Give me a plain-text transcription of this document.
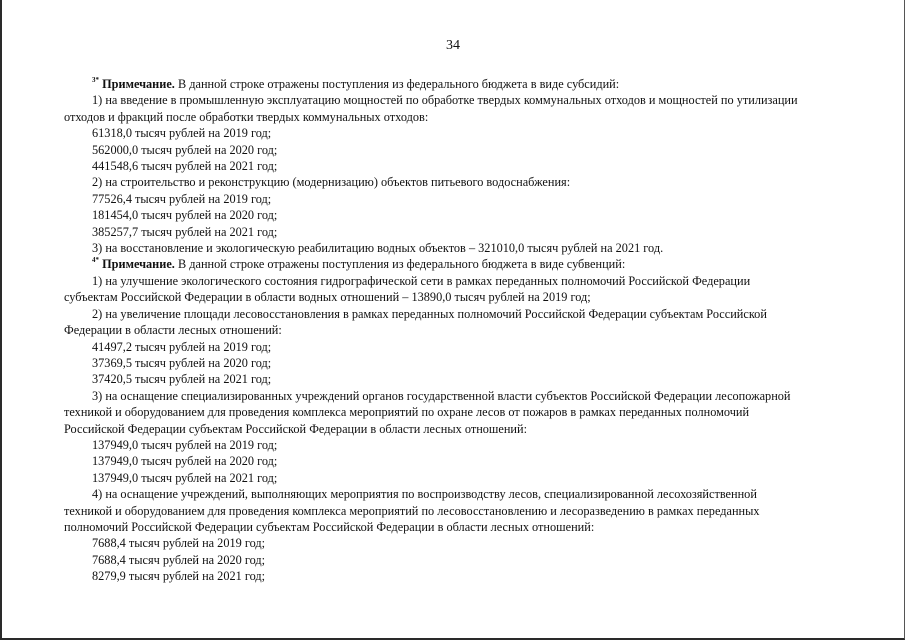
34
$^{3*}$ Примечание. В данной строке отражены поступления из федерального бюджета в виде субсидий:
1) на введение в промышленную эксплуатацию мощностей по обработке твердых коммунальных отходов и мощностей по утилизации
отходов и фракций после обработки твердых коммунальных отходов:
61318,0 тысяч рублей на 2019 год;
562000,0 тысяч рублей на 2020 год;
441548,6 тысяч рублей на 2021 год;
2) на строительство и реконструкцию (модернизацию) объектов питьевого водоснабжения:
77526,4 тысяч рублей на 2019 год;
181454,0 тысяч рублей на 2020 год;
385257,7 тысяч рублей на 2021 год;
3) на восстановление и экологическую реабилитацию водных объектов – 321010,0 тысяч рублей на 2021 год.
$^{4*}$ Примечание. В данной строке отражены поступления из федерального бюджета в виде субвенций:
1) на улучшение экологического состояния гидрографической сети в рамках переданных полномочий Российской Федерации
субъектам Российской Федерации в области водных отношений – 13890,0 тысяч рублей на 2019 год;
2) на увеличение площади лесовосстановления в рамках переданных полномочий Российской Федерации субъектам Российской
Федерации в области лесных отношений:
41497,2 тысяч рублей на 2019 год;
37369,5 тысяч рублей на 2020 год;
37420,5 тысяч рублей на 2021 год;
3) на оснащение специализированных учреждений органов государственной власти субъектов Российской Федерации лесопожарной
техникой и оборудованием для проведения комплекса мероприятий по охране лесов от пожаров в рамках переданных полномочий
Российской Федерации субъектам Российской Федерации в области лесных отношений:
137949,0 тысяч рублей на 2019 год;
137949,0 тысяч рублей на 2020 год;
137949,0 тысяч рублей на 2021 год;
4) на оснащение учреждений, выполняющих мероприятия по воспроизводству лесов, специализированной лесохозяйственной
техникой и оборудованием для проведения комплекса мероприятий по лесовосстановлению и лесоразведению в рамках переданных
полномочий Российской Федерации субъектам Российской Федерации в области лесных отношений:
7688,4 тысяч рублей на 2019 год;
7688,4 тысяч рублей на 2020 год;
8279,9 тысяч рублей на 2021 год;
